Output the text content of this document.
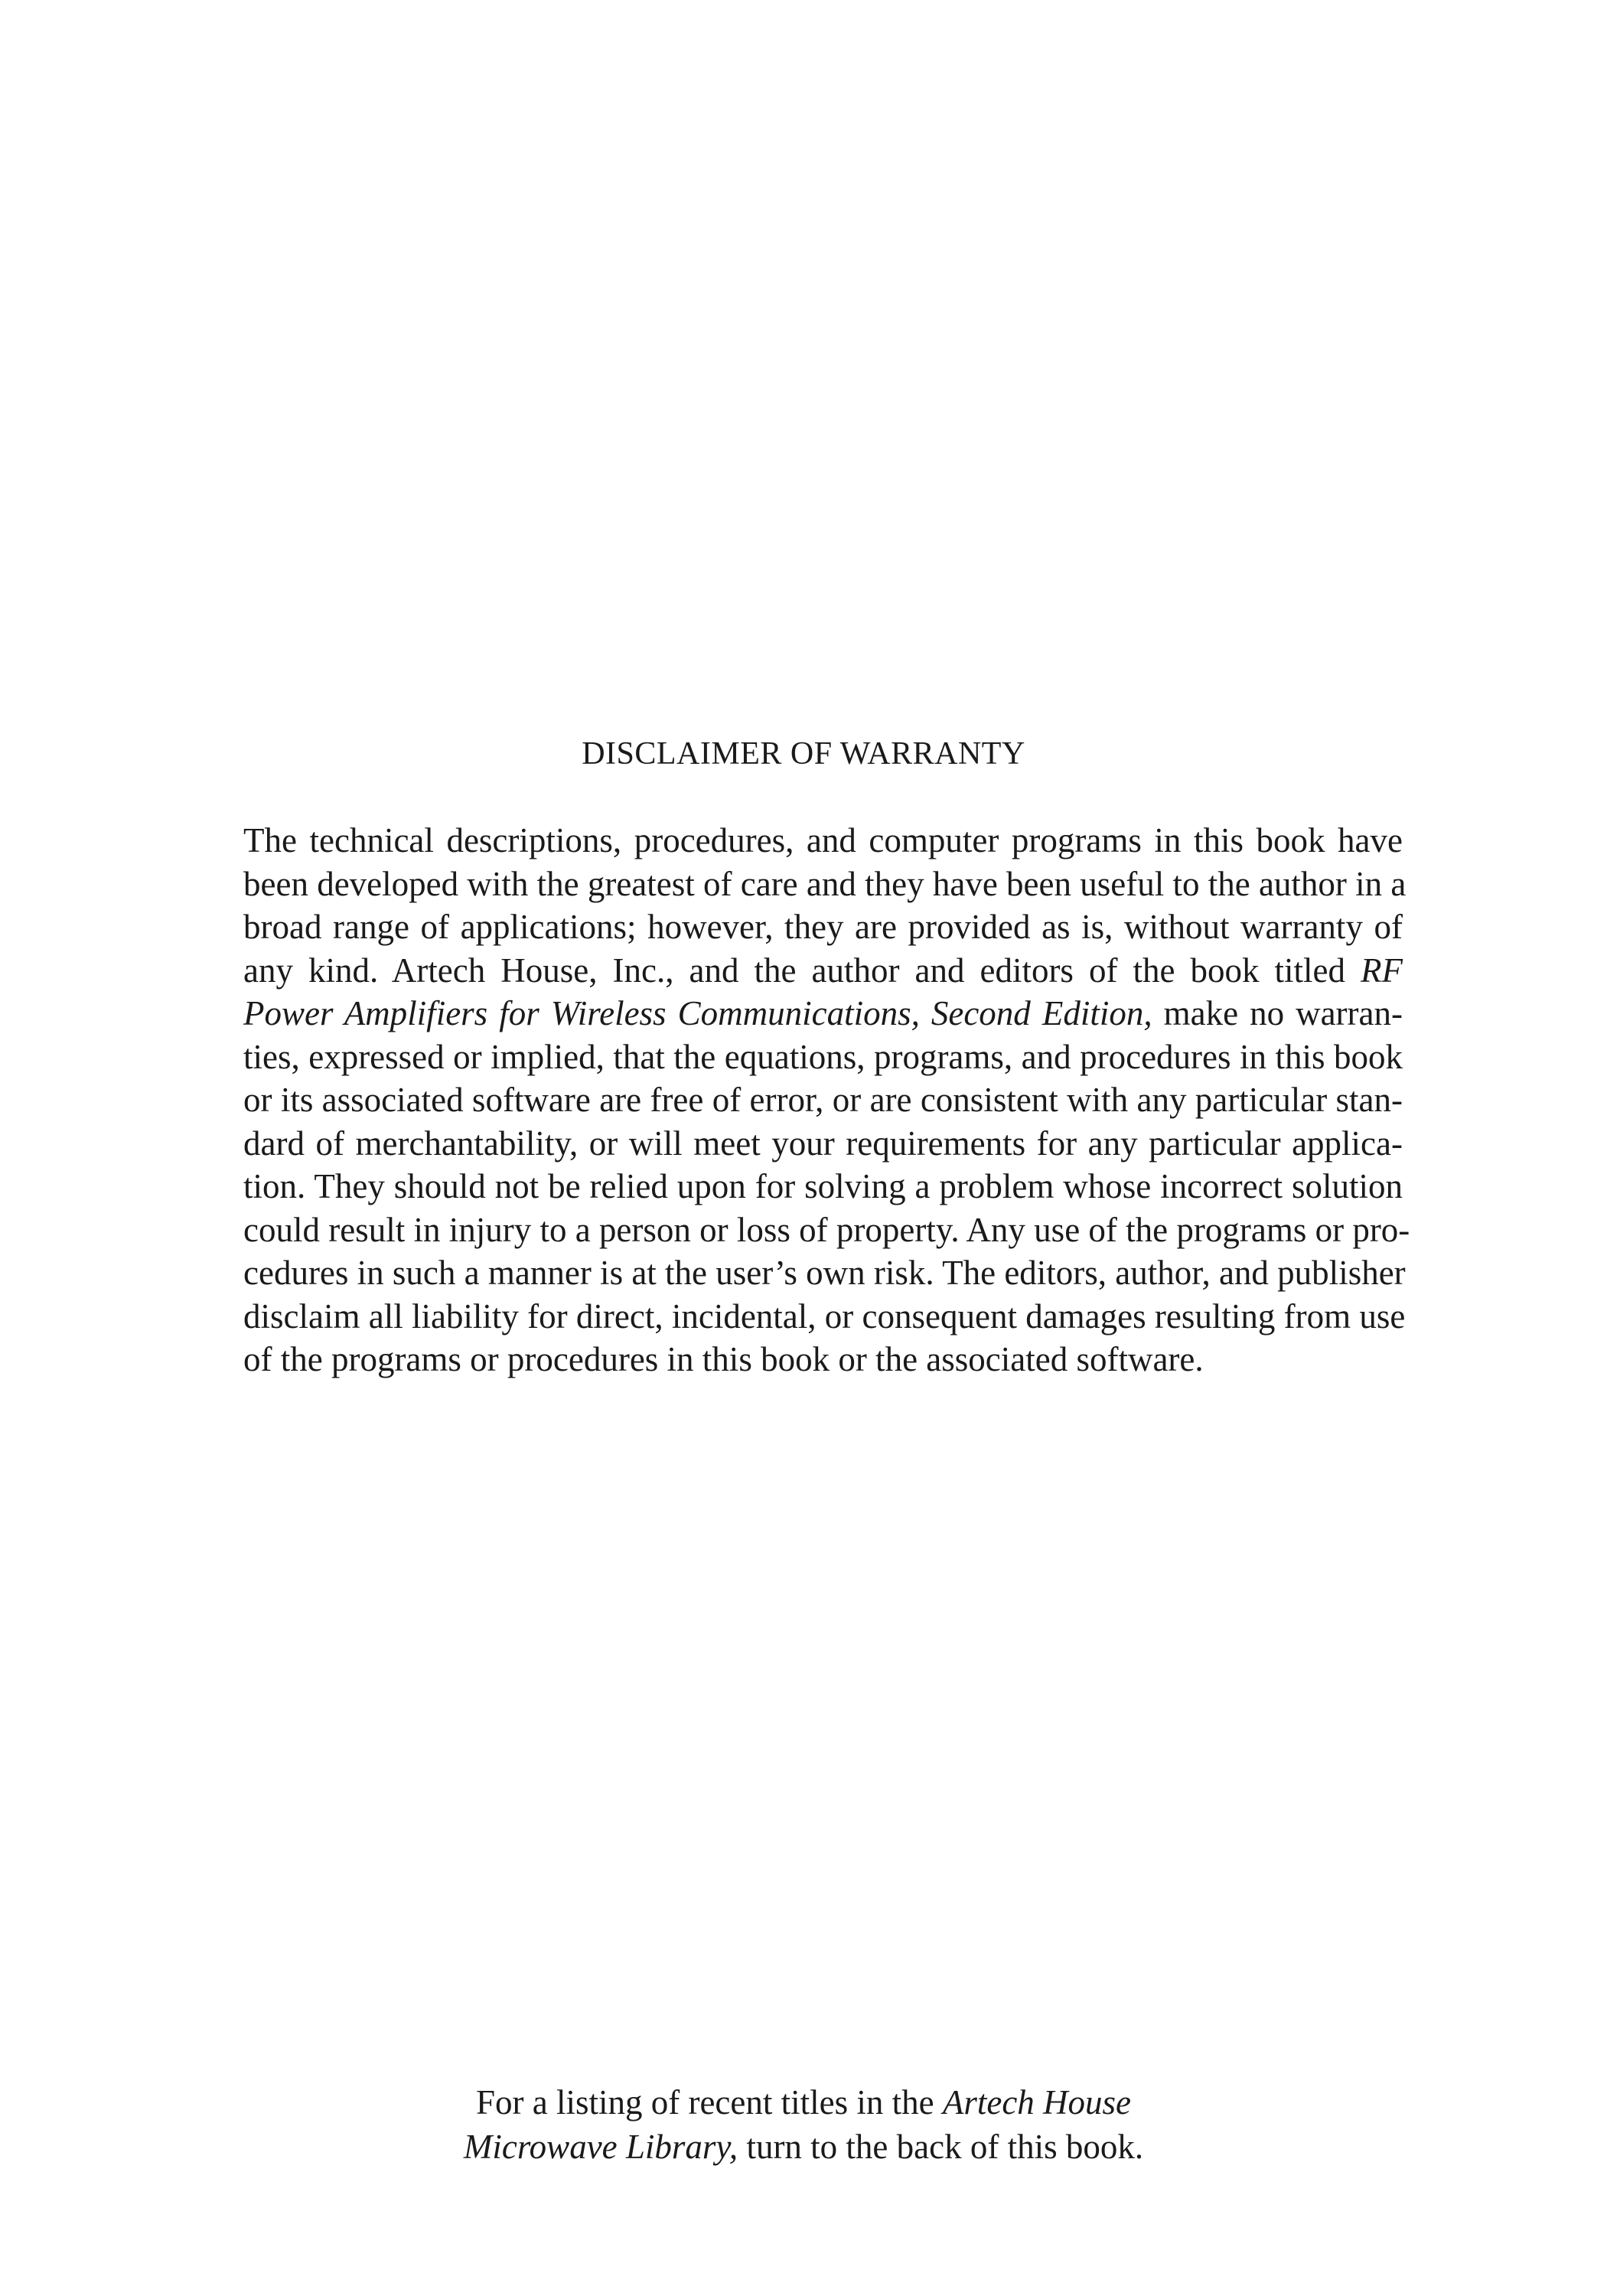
DISCLAIMER OF WARRANTY
The technical descriptions, procedures, and computer programs in this book have
been developed with the greatest of care and they have been useful to the author in a
broad range of applications; however, they are provided as is, without warranty of
any kind. Artech House, Inc., and the author and editors of the book titled RF
Power Amplifiers for Wireless Communications, Second Edition, make no warran-
ties, expressed or implied, that the equations, programs, and procedures in this book
or its associated software are free of error, or are consistent with any particular stan-
dard of merchantability, or will meet your requirements for any particular applica-
tion. They should not be relied upon for solving a problem whose incorrect solution
could result in injury to a person or loss of property. Any use of the programs or pro-
cedures in such a manner is at the user’s own risk. The editors, author, and publisher
disclaim all liability for direct, incidental, or consequent damages resulting from use
of the programs or procedures in this book or the associated software.
For a listing of recent titles in the Artech House
Microwave Library, turn to the back of this book.
